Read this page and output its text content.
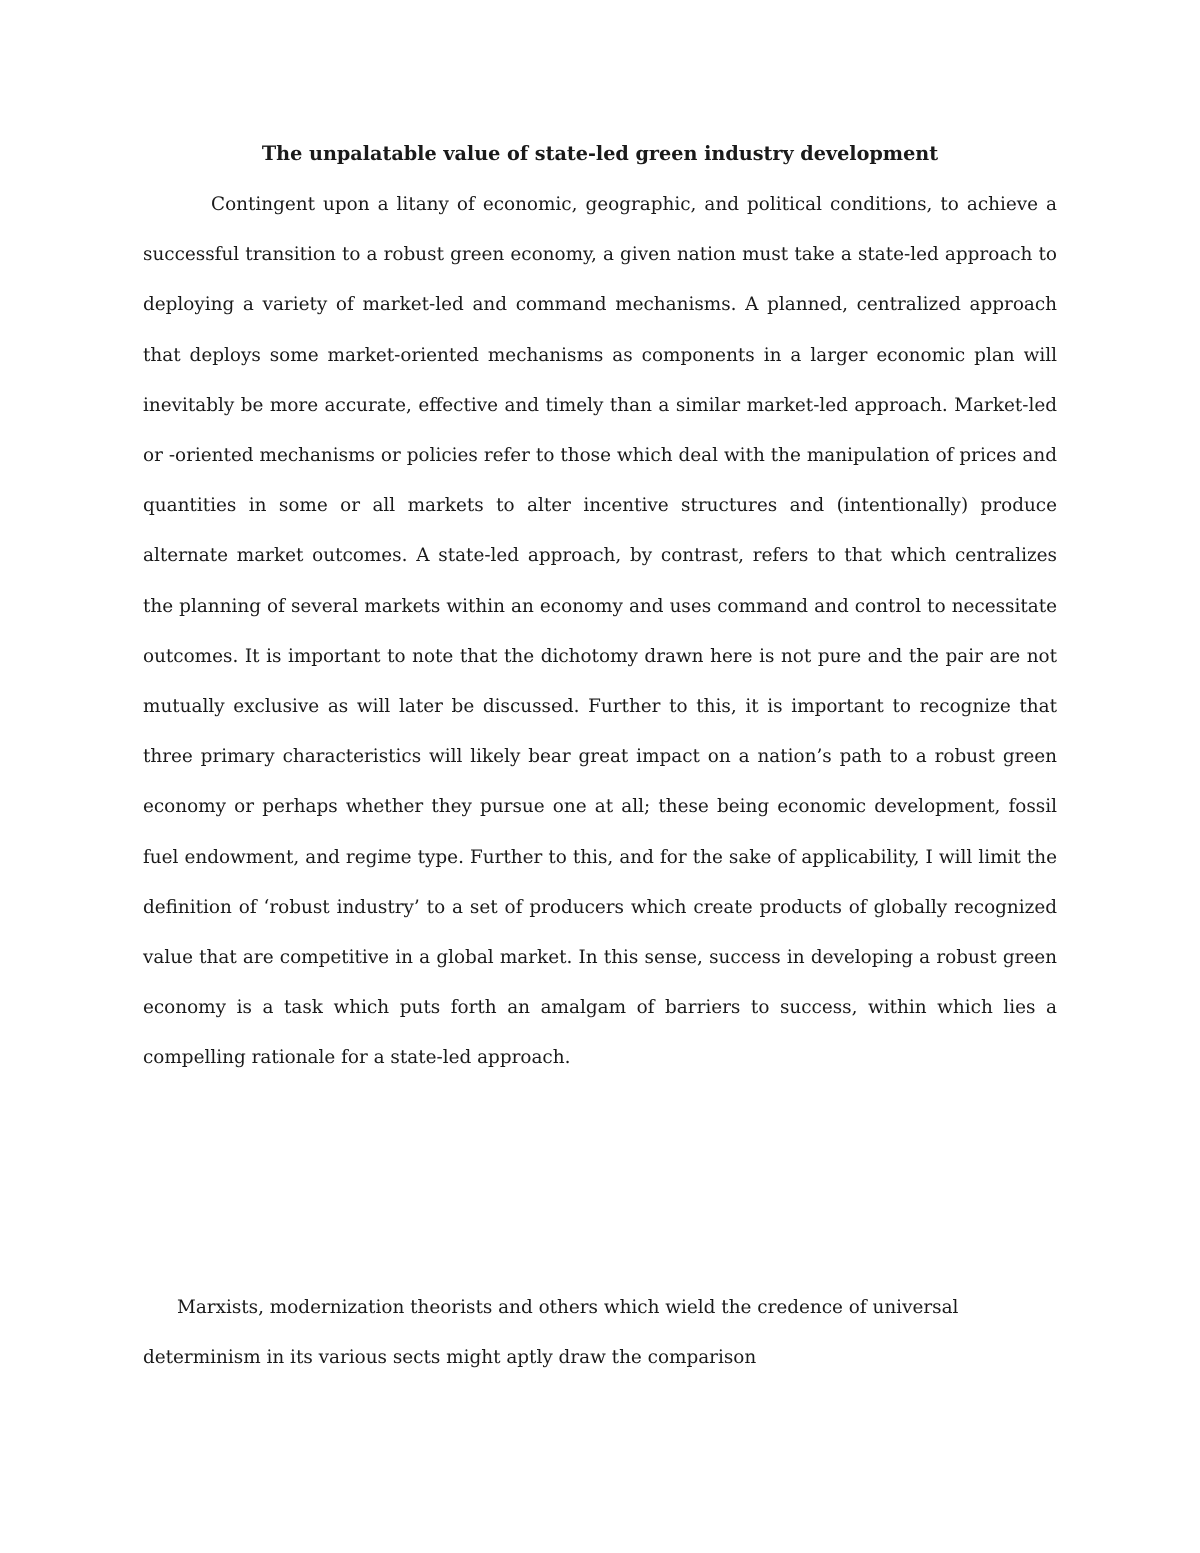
The unpalatable value of state-led green industry development

Contingent upon a litany of economic, geographic, and political conditions, to achieve a successful transition to a robust green economy, a given nation must take a state-led approach to deploying a variety of market-led and command mechanisms. A planned, centralized approach that deploys some market-oriented mechanisms as components in a larger economic plan will inevitably be more accurate, effective and timely than a similar market-led approach. Market-led or -oriented mechanisms or policies refer to those which deal with the manipulation of prices and quantities in some or all markets to alter incentive structures and (intentionally) produce alternate market outcomes. A state-led approach, by contrast, refers to that which centralizes the planning of several markets within an economy and uses command and control to necessitate outcomes. It is important to note that the dichotomy drawn here is not pure and the pair are not mutually exclusive as will later be discussed. Further to this, it is important to recognize that three primary characteristics will likely bear great impact on a nation’s path to a robust green economy or perhaps whether they pursue one at all; these being economic development, fossil fuel endowment, and regime type. Further to this, and for the sake of applicability, I will limit the definition of ‘robust industry’ to a set of producers which create products of globally recognized value that are competitive in a global market. In this sense, success in developing a robust green economy is a task which puts forth an amalgam of barriers to success, within which lies a compelling rationale for a state-led approach.

Marxists, modernization theorists and others which wield the credence of universal determinism in its various sects might aptly draw the comparison
